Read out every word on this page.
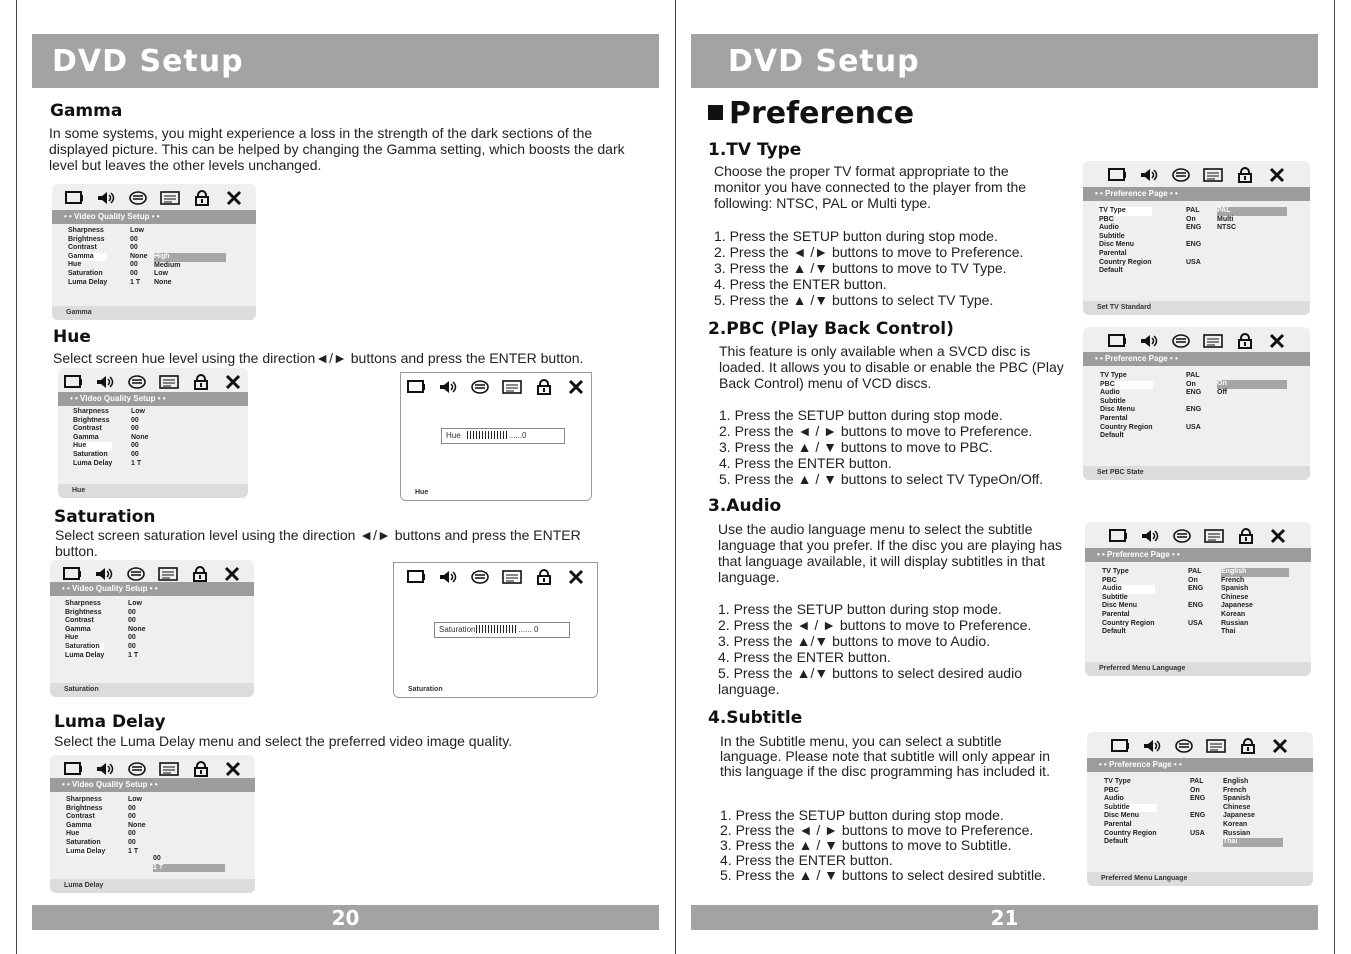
DVD Setup
Gamma
In some systems, you might experience a loss in the strength of the dark sections of the displayed picture. This can be helped by changing the Gamma setting, which boosts the dark level but leaves the other levels unchanged.
• • Video Quality Setup • •
Sharpness
Brightness
Contrast
Gamma
Hue
Saturation
Luma Delay
Low
00
00
None
00
00
1 T
High
Medium
Low
None
Gamma
Hue
Select screen hue level using the direction◄/► buttons and press the ENTER button.
• • Video Quality Setup • •
Sharpness
Brightness
Contrast
Gamma
Hue
Saturation
Luma Delay
Low
00
00
None
00
00
1 T
Hue
Hue	......0
Hue
Saturation
Select screen saturation level using the direction ◄/► buttons and press the ENTER button.
• • Video Quality Setup • •
Sharpness
Brightness
Contrast
Gamma
Hue
Saturation
Luma Delay
Low
00
00
None
00
00
1 T
Saturation
Saturation	...... 0
Saturation
Luma Delay
Select the Luma Delay menu and select the preferred video image quality.
• • Video Quality Setup • •
Sharpness
Brightness
Contrast
Gamma
Hue
Saturation
Luma Delay
Low
00
00
None
00
00
1 T
00
1 T
Luma Delay
20
DVD Setup
Preference
1.TV Type
Choose the proper TV format appropriate to the monitor you have connected to the player from the following: NTSC, PAL or Multi type.
1. Press the SETUP button during stop mode.
2. Press the ◄ /► buttons to move to Preference.
3. Press the ▲ /▼ buttons to move to TV Type.
4. Press the ENTER button.
5. Press the ▲ /▼ buttons to select TV Type.
• • Preference Page • •
TV Type
PBC
Audio
Subtitle
Disc Menu
Parental
Country Region
Default
PAL
On
ENG
ENG
USA
PAL
Multi
NTSC
Set TV Standard
2.PBC (Play Back Control)
This feature is only available when a SVCD disc is loaded. It allows you to disable or enable the PBC (Play Back Control) menu of VCD discs.
1. Press the SETUP button during stop mode.
2. Press the ◄ / ► buttons to move to Preference.
3. Press the ▲ / ▼ buttons to move to PBC.
4. Press the ENTER button.
5. Press the ▲ / ▼ buttons to select TV TypeOn/Off.
• • Preference Page • •
TV Type
PBC
Audio
Subtitle
Disc Menu
Parental
Country Region
Default
PAL
On
ENG
ENG
USA
On
Off
Set PBC State
3.Audio
Use the audio language menu to select the subtitle language that you prefer. If the disc you are playing has that language available, it will display subtitles in that language.
1. Press the SETUP button during stop mode.
2. Press the ◄ / ► buttons to move to Preference.
3. Press the ▲/▼ buttons to move to Audio.
4. Press the ENTER button.
5. Press the ▲/▼ buttons to select desired audio language.
• • Preference Page • •
TV Type
PBC
Audio
Subtitle
Disc Menu
Parental
Country Region
Default
PAL
On
ENG
ENG
USA
English
French
Spanish
Chinese
Japanese
Korean
Russian
Thai
Preferred Menu Language
4.Subtitle
In the Subtitle menu, you can select a subtitle language. Please note that subtitle will only appear in this language if the disc programming has included it.
1. Press the SETUP button during stop mode.
2. Press the ◄ / ► buttons to move to Preference.
3. Press the ▲ / ▼ buttons to move to Subtitle.
4. Press the ENTER button.
5. Press the ▲ / ▼ buttons to select desired subtitle.
• • Preference Page • •
TV Type
PBC
Audio
Subtitle
Disc Menu
Parental
Country Region
Default
PAL
On
ENG
ENG
USA
English
French
Spanish
Chinese
Japanese
Korean
Russian
Thai
Preferred Menu Language
21
